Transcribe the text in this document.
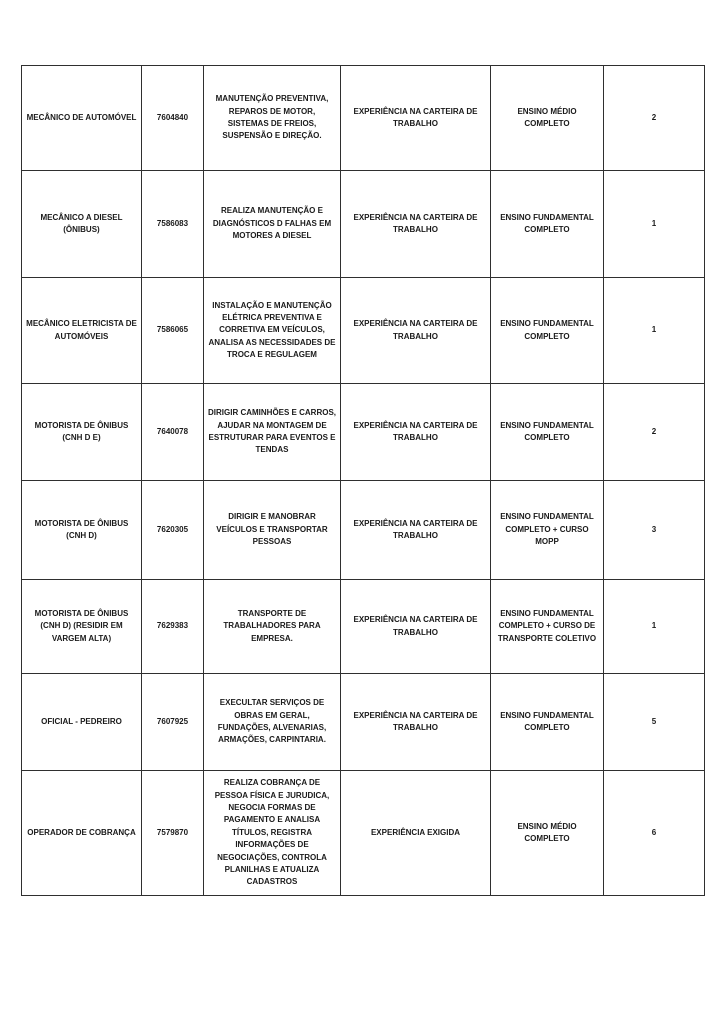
MECÂNICO DE AUTOMÓVEL	7604840	MANUTENÇÃO PREVENTIVA, REPAROS DE MOTOR, SISTEMAS DE FREIOS, SUSPENSÃO E DIREÇÃO.	EXPERIÊNCIA NA CARTEIRA DE TRABALHO	ENSINO MÉDIO COMPLETO	2
MECÂNICO A DIESEL (ÔNIBUS)	7586083	REALIZA MANUTENÇÃO E DIAGNÓSTICOS D FALHAS EM MOTORES A DIESEL	EXPERIÊNCIA NA CARTEIRA DE TRABALHO	ENSINO FUNDAMENTAL COMPLETO	1
MECÂNICO ELETRICISTA DE AUTOMÓVEIS	7586065	INSTALAÇÃO E MANUTENÇÃO ELÉTRICA PREVENTIVA E CORRETIVA EM VEÍCULOS, ANALISA AS NECESSIDADES DE TROCA E REGULAGEM	EXPERIÊNCIA NA CARTEIRA DE TRABALHO	ENSINO FUNDAMENTAL COMPLETO	1
MOTORISTA DE ÔNIBUS (CNH D E)	7640078	DIRIGIR CAMINHÕES E CARROS, AJUDAR NA MONTAGEM DE ESTRUTURAR PARA EVENTOS E TENDAS	EXPERIÊNCIA NA CARTEIRA DE TRABALHO	ENSINO FUNDAMENTAL COMPLETO	2
MOTORISTA DE ÔNIBUS (CNH D)	7620305	DIRIGIR E MANOBRAR VEÍCULOS E TRANSPORTAR PESSOAS	EXPERIÊNCIA NA CARTEIRA DE TRABALHO	ENSINO FUNDAMENTAL COMPLETO + CURSO MOPP	3
MOTORISTA DE ÔNIBUS (CNH D) (RESIDIR EM VARGEM ALTA)	7629383	TRANSPORTE DE TRABALHADORES PARA EMPRESA.	EXPERIÊNCIA NA CARTEIRA DE TRABALHO	ENSINO FUNDAMENTAL COMPLETO + CURSO DE TRANSPORTE COLETIVO	1
OFICIAL - PEDREIRO	7607925	EXECULTAR SERVIÇOS DE OBRAS EM GERAL, FUNDAÇÕES, ALVENARIAS, ARMAÇÕES, CARPINTARIA.	EXPERIÊNCIA NA CARTEIRA DE TRABALHO	ENSINO FUNDAMENTAL COMPLETO	5
OPERADOR DE COBRANÇA	7579870	REALIZA COBRANÇA DE PESSOA FÍSICA E JURUDICA, NEGOCIA FORMAS DE PAGAMENTO E ANALISA TÍTULOS, REGISTRA INFORMAÇÕES DE NEGOCIAÇÕES, CONTROLA PLANILHAS E ATUALIZA CADASTROS	EXPERIÊNCIA EXIGIDA	ENSINO MÉDIO COMPLETO	6
